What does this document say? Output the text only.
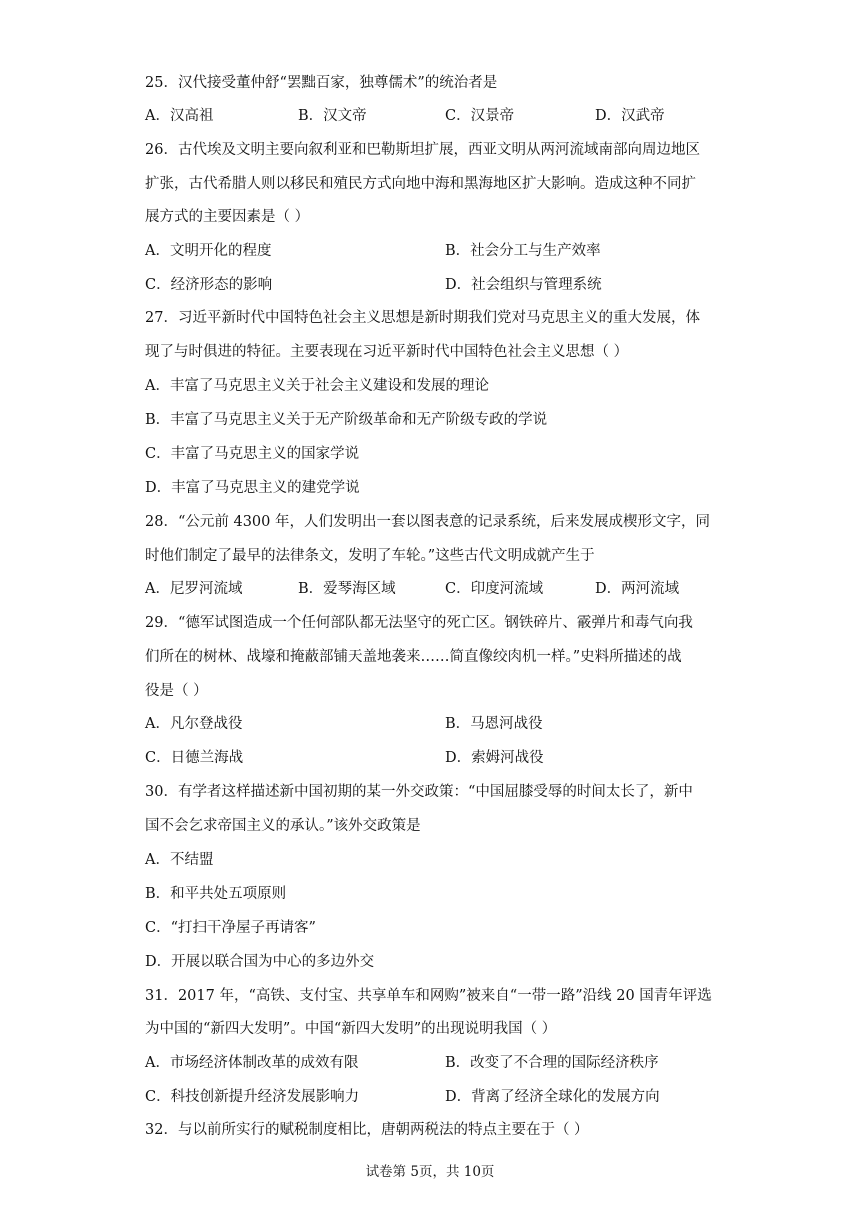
25．汉代接受董仲舒“罢黜百家，独尊儒术”的统治者是
A．汉高祖	B．汉文帝	C．汉景帝	D．汉武帝
26．古代埃及文明主要向叙利亚和巴勒斯坦扩展，西亚文明从两河流域南部向周边地区
扩张，古代希腊人则以移民和殖民方式向地中海和黑海地区扩大影响。造成这种不同扩
展方式的主要因素是（ ）
A．文明开化的程度	B．社会分工与生产效率
C．经济形态的影响	D．社会组织与管理系统
27．习近平新时代中国特色社会主义思想是新时期我们党对马克思主义的重大发展，体
现了与时俱进的特征。主要表现在习近平新时代中国特色社会主义思想（ ）
A．丰富了马克思主义关于社会主义建设和发展的理论
B．丰富了马克思主义关于无产阶级革命和无产阶级专政的学说
C．丰富了马克思主义的国家学说
D．丰富了马克思主义的建党学说
28．“公元前 4300 年，人们发明出一套以图表意的记录系统，后来发展成楔形文字，同
时他们制定了最早的法律条文，发明了车轮。”这些古代文明成就产生于
A．尼罗河流域	B．爱琴海区域	C．印度河流域	D．两河流域
29．“德军试图造成一个任何部队都无法坚守的死亡区。钢铁碎片、霰弹片和毒气向我
们所在的树林、战壕和掩蔽部铺天盖地袭来……简直像绞肉机一样。”史料所描述的战
役是（ ）
A．凡尔登战役	B．马恩河战役
C．日德兰海战	D．索姆河战役
30．有学者这样描述新中国初期的某一外交政策：“中国屈膝受辱的时间太长了，新中
国不会乞求帝国主义的承认。”该外交政策是
A．不结盟
B．和平共处五项原则
C．“打扫干净屋子再请客”
D．开展以联合国为中心的多边外交
31．2017 年，“高铁、支付宝、共享单车和网购”被来自“一带一路”沿线 20 国青年评选
为中国的“新四大发明”。中国“新四大发明”的出现说明我国（ ）
A．市场经济体制改革的成效有限	B．改变了不合理的国际经济秩序
C．科技创新提升经济发展影响力	D．背离了经济全球化的发展方向
32．与以前所实行的赋税制度相比，唐朝两税法的特点主要在于（ ）
试卷第 5页，共 10页
